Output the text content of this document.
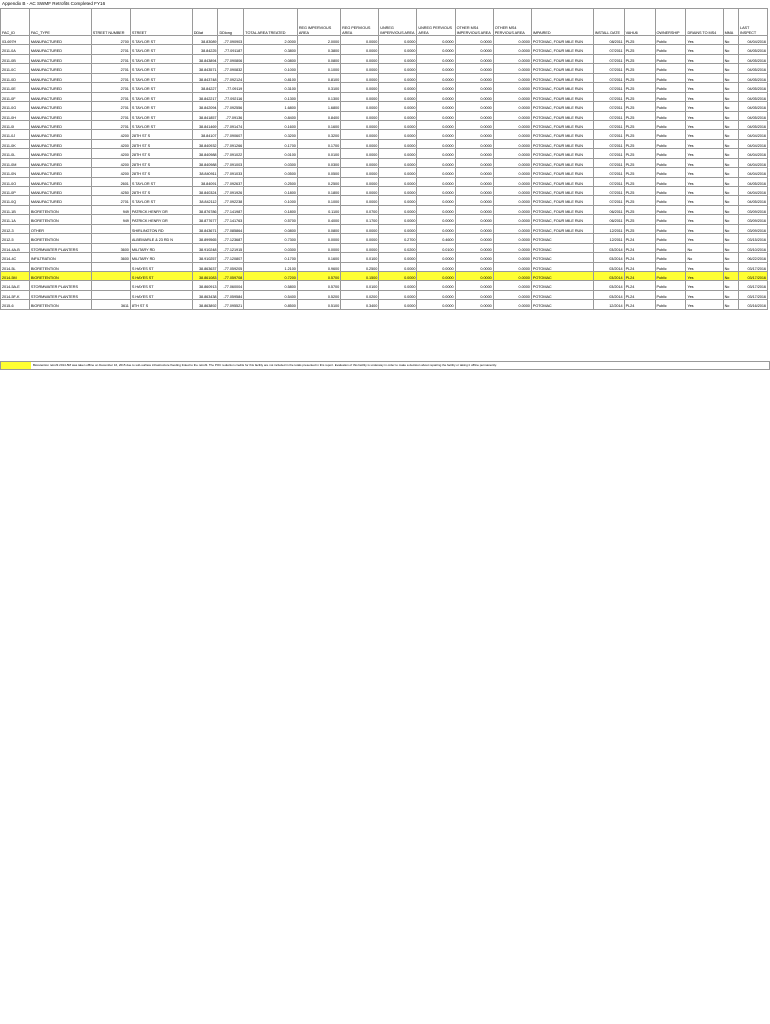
Appendix B - AC SWMF Retrofits Completed FY16
FAC_ID	FAC_TYPE	STREET NUMBER	STREET	DDlat	DDlong	TOTAL AREA TREATED	REG IMPERVIOUS AREA	REG PERVIOUS AREA	UNREG IMPERVIOUS AREA	UNREG PERVIOUS AREA	OTHER MS4 IMPERVIOUS AREA	OTHER MS4 PERVIOUS AREA	IMPAIRED	INSTALL DATE	VAHU6	OWNERSHIP	DRAINS TO MS4	MMA	LAST INSPECT
03-697H	MANUFACTURED	2700	S TAYLOR ST	38.83089	-77.090903	2.0000	2.0000	0.0000	0.0000	0.0000	0.0000	0.0000	POTOMAC, FOUR MILE RUN	08/2011	PL25	Public	Yes	No	04/04/2016
2011-0A	MANUFACTURED	2701	S TAYLOR ST	38.84225	-77.091187	0.3800	0.3800	0.0000	0.0000	0.0000	0.0000	0.0000	POTOMAC, FOUR MILE RUN	07/2011	PL25	Public	Yes	No	04/05/2016
2011-0B	MANUFACTURED	2701	S TAYLOR ST	38.843894	-77.090806	0.0800	0.0800	0.0000	0.0000	0.0000	0.0000	0.0000	POTOMAC, FOUR MILE RUN	07/2011	PL25	Public	Yes	No	04/05/2016
2011-0C	MANUFACTURED	2701	S TAYLOR ST	38.843571	-77.090832	0.1000	0.1000	0.0000	0.0000	0.0000	0.0000	0.0000	POTOMAC, FOUR MILE RUN	07/2011	PL25	Public	Yes	No	04/05/2016
2011-0D	MANUFACTURED	2701	S TAYLOR ST	38.843748	-77.092124	0.8100	0.8100	0.0000	0.0000	0.0000	0.0000	0.0000	POTOMAC, FOUR MILE RUN	07/2011	PL25	Public	Yes	No	04/05/2016
2011-0E	MANUFACTURED	2701	S TAYLOR ST	38.84227	-77.09119	0.3100	0.3100	0.0000	0.0000	0.0000	0.0000	0.0000	POTOMAC, FOUR MILE RUN	07/2011	PL25	Public	Yes	No	04/05/2016
2011-0F	MANUFACTURED	2701	S TAYLOR ST	38.842217	-77.092116	0.1300	0.1300	0.0000	0.0000	0.0000	0.0000	0.0000	POTOMAC, FOUR MILE RUN	07/2011	PL25	Public	Yes	No	04/05/2016
2011-0G	MANUFACTURED	2701	S TAYLOR ST	38.842094	-77.092556	1.6800	1.6800	0.0000	0.0000	0.0000	0.0000	0.0000	POTOMAC, FOUR MILE RUN	07/2011	PL25	Public	Yes	No	04/05/2016
2011-0H	MANUFACTURED	2701	S TAYLOR ST	38.841857	-77.09136	0.8400	0.8400	0.0000	0.0000	0.0000	0.0000	0.0000	POTOMAC, FOUR MILE RUN	07/2011	PL25	Public	Yes	No	04/05/2016
2011-0I	MANUFACTURED	2701	S TAYLOR ST	38.841469	-77.091474	0.1600	0.1600	0.0000	0.0000	0.0000	0.0000	0.0000	POTOMAC, FOUR MILE RUN	07/2011	PL25	Public	Yes	No	04/05/2016
2011-0J	MANUFACTURED	4200	28TH ST S	38.84107	-77.090607	0.3200	0.3200	0.0000	0.0000	0.0000	0.0000	0.0000	POTOMAC, FOUR MILE RUN	07/2011	PL25	Public	Yes	No	04/04/2016
2011-0K	MANUFACTURED	4200	28TH ST S	38.840932	-77.091266	0.1700	0.1700	0.0000	0.0000	0.0000	0.0000	0.0000	POTOMAC, FOUR MILE RUN	07/2011	PL25	Public	Yes	No	04/04/2016
2011-0L	MANUFACTURED	4200	28TH ST S	38.840988	-77.091022	0.0100	0.0100	0.0000	0.0000	0.0000	0.0000	0.0000	POTOMAC, FOUR MILE RUN	07/2011	PL25	Public	Yes	No	04/04/2016
2011-0M	MANUFACTURED	4200	28TH ST S	38.840988	-77.091003	0.0300	0.0300	0.0000	0.0000	0.0000	0.0000	0.0000	POTOMAC, FOUR MILE RUN	07/2011	PL25	Public	Yes	No	04/04/2016
2011-0N	MANUFACTURED	4200	28TH ST S	38.840911	-77.091033	0.0500	0.0500	0.0000	0.0000	0.0000	0.0000	0.0000	POTOMAC, FOUR MILE RUN	07/2011	PL25	Public	Yes	No	04/04/2016
2011-0O	MANUFACTURED	2601	S TAYLOR ST	38.84091	-77.092637	0.2500	0.2500	0.0000	0.0000	0.0000	0.0000	0.0000	POTOMAC, FOUR MILE RUN	07/2011	PL25	Public	Yes	No	04/05/2016
2011-0P	MANUFACTURED	4250	28TH ST S	38.840324	-77.091926	0.1800	0.1800	0.0000	0.0000	0.0000	0.0000	0.0000	POTOMAC, FOUR MILE RUN	07/2011	PL25	Public	Yes	No	04/04/2016
2011-0Q	MANUFACTURED	2701	S TAYLOR ST	38.842112	-77.092238	0.1000	0.1000	0.0000	0.0000	0.0000	0.0000	0.0000	POTOMAC, FOUR MILE RUN	07/2011	PL25	Public	Yes	No	04/05/2016
2011-1B	BIORETENTION	949	PATRICK HENRY DR	38.876786	-77.141987	0.1800	0.1100	0.0700	0.0000	0.0000	0.0000	0.0000	POTOMAC, FOUR MILE RUN	06/2011	PL25	Public	Yes	No	03/09/2016
2011-1A	BIORETENTION	949	PATRICK HENRY DR	38.877677	-77.141763	0.5700	0.4000	0.1700	0.0000	0.0000	0.0000	0.0000	POTOMAC, FOUR MILE RUN	06/2011	PL25	Public	Yes	No	03/09/2016
2012-3	OTHER		SHIRLINGTON RD	38.843671	-77.085864	0.0800	0.0800	0.0000	0.0000	0.0000	0.0000	0.0000	POTOMAC, FOUR MILE RUN	12/2011	PL25	Public	Yes	No	03/09/2016
2012-5	BIORETENTION		ALBEMARLE & 23 RD N	38.899565	-77.123687	0.7300	0.0000	0.0000	0.2700	0.4600	0.0000	0.0000	POTOMAC	12/2011	PL24	Public	Yes	No	03/15/2016
2014-4A-B	STORMWATER PLANTERS	3600	MILITARY RD	38.910248	-77.121915	0.0300	0.0000	0.0000	0.0200	0.0100	0.0000	0.0000	POTOMAC	03/2014	PL24	Public	No	No	03/10/2016
2014-4C	INFILTRATION	3600	MILITARY RD	38.910257	-77.120807	0.1700	0.1600	0.0100	0.0000	0.0000	0.0000	0.0000	POTOMAC	03/2014	PL24	Public	No	No	06/22/2016
2014-5L	BIORETENTION		S HAYES ST	38.863637	-77.059205	1.2100	0.9600	0.2500	0.0000	0.0000	0.0000	0.0000	POTOMAC	03/2014	PL24	Public	Yes	No	03/17/2016
2014-5M	BIORETENTION		S HAYES ST	38.861083	-77.059708	0.7200	0.5700	0.1500	0.0000	0.0000	0.0000	0.0000	POTOMAC	03/2014	PL24	Public	Yes	No	03/17/2016
2014-5A-E	STORMWATER PLANTERS		S HAYES ST	38.860913	-77.060004	0.5800	0.5700	0.0100	0.0000	0.0000	0.0000	0.0000	POTOMAC	03/2014	PL24	Public	Yes	No	03/17/2016
2014-5F-K	STORMWATER PLANTERS		S HAYES ST	38.863438	-77.059584	0.5400	0.5200	0.0200	0.0000	0.0000	0.0000	0.0000	POTOMAC	03/2014	PL24	Public	Yes	No	03/17/2016
2015-6	BIORETENTION	3611	8TH ST S	38.863892	-77.095521	0.8500	0.5100	0.3400	0.0000	0.0000	0.0000	0.0000	POTOMAC	12/2014	PL24	Public	Yes	No	03/16/2016
Bioretention retrofit 2014-5M was taken offline on December 16, 2015 due to sub-surface infrastructure flooding linked to the retrofit. The POC reduction credits for this facility are not included in the totals presented in this report. Evaluation of this facility is underway in order to make a decision about repairing the facility or taking it offline permanently.
